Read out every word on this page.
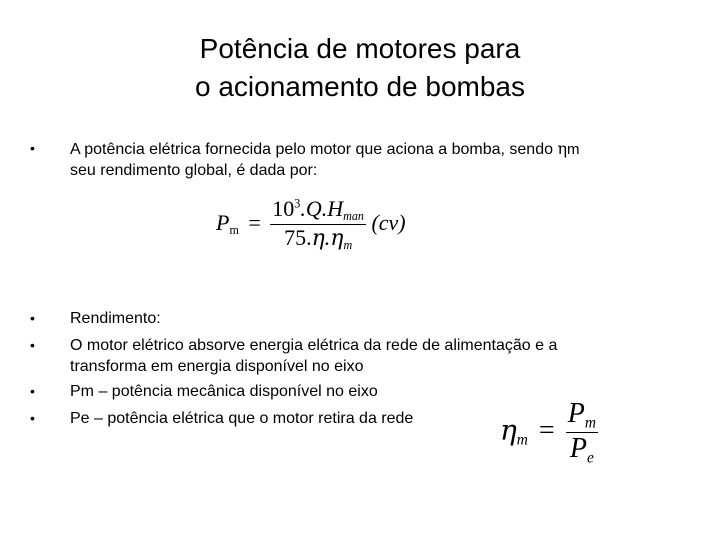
Potência de motores para
o acionamento de bombas
•	A potência elétrica fornecida pelo motor que aciona a bomba, sendo ηm
seu rendimento global, é dada por:
$P_m = \frac{10^3.Q.H_{man}}{75.\eta.\eta_m} (cv)$
•	Rendimento:
•	O motor elétrico absorve energia elétrica da rede de alimentação e a transforma em energia disponível no eixo
•	Pm – potência mecânica disponível no eixo
•	Pe – potência elétrica que o motor retira da rede	$\eta_m = \frac{P_m}{P_e}$
